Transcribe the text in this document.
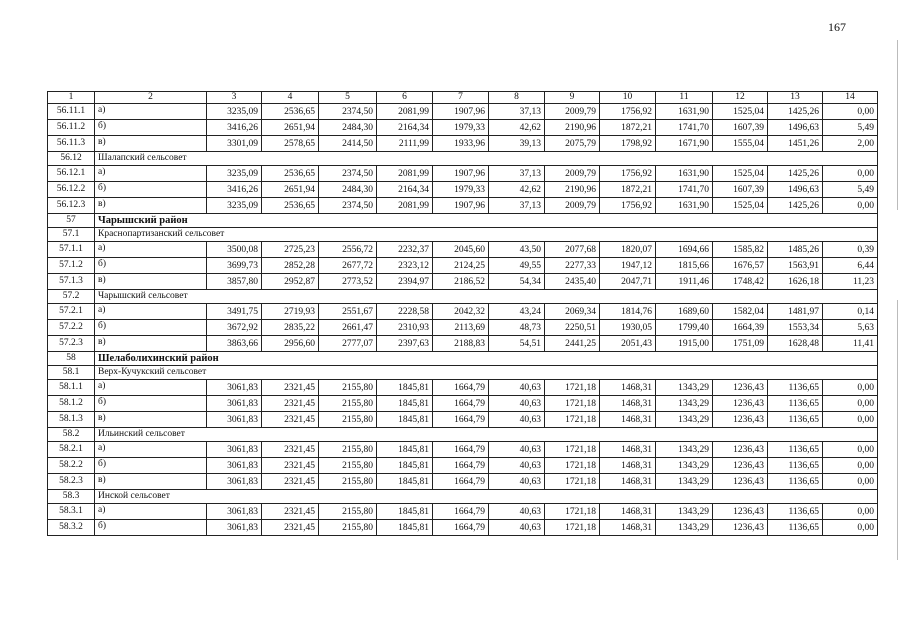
167
1	2	3	4	5	6	7	8	9	10	11	12	13	14
56.11.1	а)	3235,09	2536,65	2374,50	2081,99	1907,96	37,13	2009,79	1756,92	1631,90	1525,04	1425,26	0,00
56.11.2	б)	3416,26	2651,94	2484,30	2164,34	1979,33	42,62	2190,96	1872,21	1741,70	1607,39	1496,63	5,49
56.11.3	в)	3301,09	2578,65	2414,50	2111,99	1933,96	39,13	2075,79	1798,92	1671,90	1555,04	1451,26	2,00
56.12	Шалапский сельсовет												
56.12.1	а)	3235,09	2536,65	2374,50	2081,99	1907,96	37,13	2009,79	1756,92	1631,90	1525,04	1425,26	0,00
56.12.2	б)	3416,26	2651,94	2484,30	2164,34	1979,33	42,62	2190,96	1872,21	1741,70	1607,39	1496,63	5,49
56.12.3	в)	3235,09	2536,65	2374,50	2081,99	1907,96	37,13	2009,79	1756,92	1631,90	1525,04	1425,26	0,00
57	Чарышский район												
57.1	Краснопартизанский сельсовет												
57.1.1	а)	3500,08	2725,23	2556,72	2232,37	2045,60	43,50	2077,68	1820,07	1694,66	1585,82	1485,26	0,39
57.1.2	б)	3699,73	2852,28	2677,72	2323,12	2124,25	49,55	2277,33	1947,12	1815,66	1676,57	1563,91	6,44
57.1.3	в)	3857,80	2952,87	2773,52	2394,97	2186,52	54,34	2435,40	2047,71	1911,46	1748,42	1626,18	11,23
57.2	Чарышский сельсовет												
57.2.1	а)	3491,75	2719,93	2551,67	2228,58	2042,32	43,24	2069,34	1814,76	1689,60	1582,04	1481,97	0,14
57.2.2	б)	3672,92	2835,22	2661,47	2310,93	2113,69	48,73	2250,51	1930,05	1799,40	1664,39	1553,34	5,63
57.2.3	в)	3863,66	2956,60	2777,07	2397,63	2188,83	54,51	2441,25	2051,43	1915,00	1751,09	1628,48	11,41
58	Шелаболихинский район												
58.1	Верх-Кучукский сельсовет												
58.1.1	а)	3061,83	2321,45	2155,80	1845,81	1664,79	40,63	1721,18	1468,31	1343,29	1236,43	1136,65	0,00
58.1.2	б)	3061,83	2321,45	2155,80	1845,81	1664,79	40,63	1721,18	1468,31	1343,29	1236,43	1136,65	0,00
58.1.3	в)	3061,83	2321,45	2155,80	1845,81	1664,79	40,63	1721,18	1468,31	1343,29	1236,43	1136,65	0,00
58.2	Ильинский сельсовет												
58.2.1	а)	3061,83	2321,45	2155,80	1845,81	1664,79	40,63	1721,18	1468,31	1343,29	1236,43	1136,65	0,00
58.2.2	б)	3061,83	2321,45	2155,80	1845,81	1664,79	40,63	1721,18	1468,31	1343,29	1236,43	1136,65	0,00
58.2.3	в)	3061,83	2321,45	2155,80	1845,81	1664,79	40,63	1721,18	1468,31	1343,29	1236,43	1136,65	0,00
58.3	Инской сельсовет												
58.3.1	а)	3061,83	2321,45	2155,80	1845,81	1664,79	40,63	1721,18	1468,31	1343,29	1236,43	1136,65	0,00
58.3.2	б)	3061,83	2321,45	2155,80	1845,81	1664,79	40,63	1721,18	1468,31	1343,29	1236,43	1136,65	0,00
